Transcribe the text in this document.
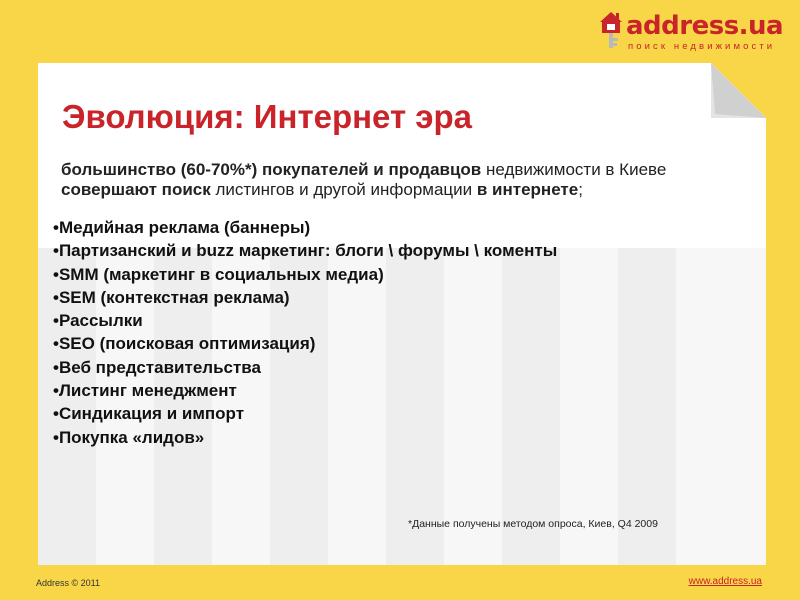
address.ua
поиск недвижимости
Эволюция: Интернет эра
большинство (60-70%*) покупателей и продавцов недвижимости в Киеве совершают поиск листингов и другой информации в интернете;
•Медийная реклама (баннеры)
•Партизанский и buzz маркетинг: блоги \ форумы \ коменты
•SMM (маркетинг в социальных медиа)
•SEM (контекстная реклама)
•Рассылки
•SEO (поисковая оптимизация)
•Веб представительства
•Листинг менеджмент
•Синдикация и импорт
•Покупка «лидов»
*Данные получены методом опроса, Киев, Q4 2009
Address © 2011	www.address.ua
